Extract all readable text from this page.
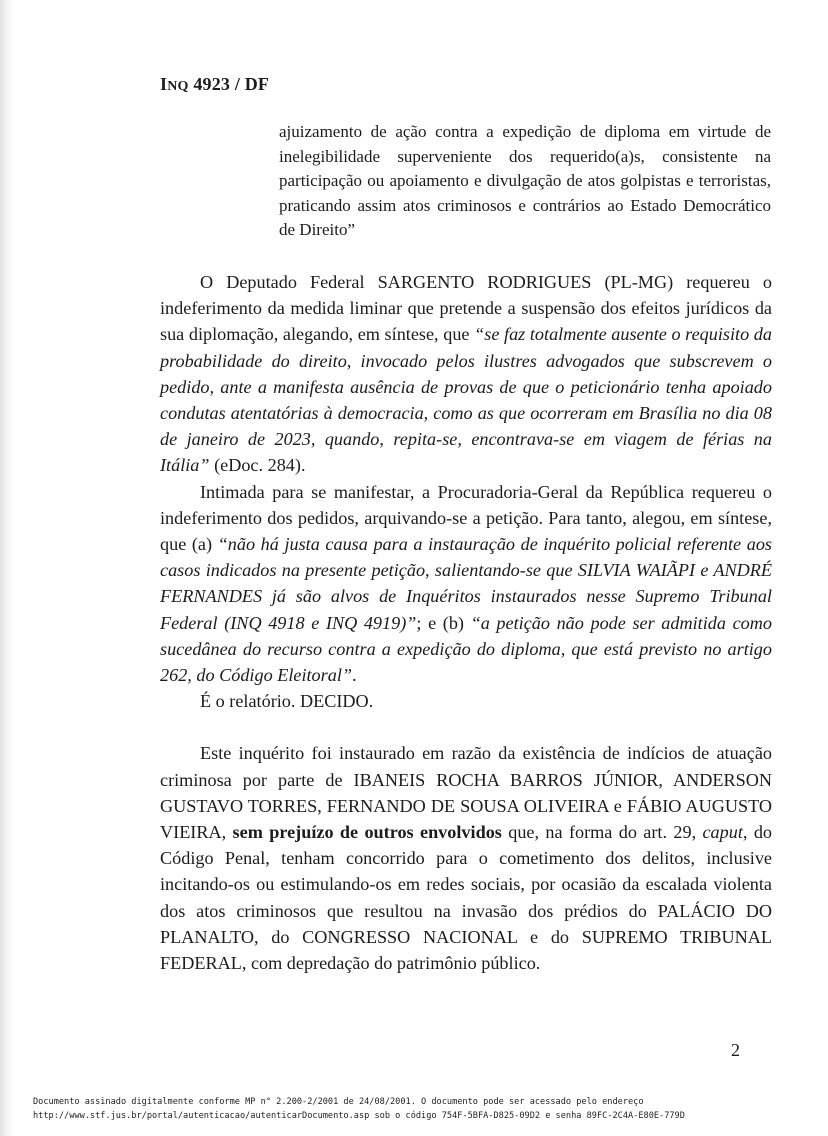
INQ 4923 / DF

ajuizamento de ação contra a expedição de diploma em virtude de inelegibilidade superveniente dos requerido(a)s, consistente na participação ou apoiamento e divulgação de atos golpistas e terroristas, praticando assim atos criminosos e contrários ao Estado Democrático de Direito”

O Deputado Federal SARGENTO RODRIGUES (PL-MG) requereu o indeferimento da medida liminar que pretende a suspensão dos efeitos jurídicos da sua diplomação, alegando, em síntese, que “se faz totalmente ausente o requisito da probabilidade do direito, invocado pelos ilustres advogados que subscrevem o pedido, ante a manifesta ausência de provas de que o peticionário tenha apoiado condutas atentatórias à democracia, como as que ocorreram em Brasília no dia 08 de janeiro de 2023, quando, repita-se, encontrava-se em viagem de férias na Itália” (eDoc. 284).

Intimada para se manifestar, a Procuradoria-Geral da República requereu o indeferimento dos pedidos, arquivando-se a petição. Para tanto, alegou, em síntese, que (a) “não há justa causa para a instauração de inquérito policial referente aos casos indicados na presente petição, salientando-se que SILVIA WAIÃPI e ANDRÉ FERNANDES já são alvos de Inquéritos instaurados nesse Supremo Tribunal Federal (INQ 4918 e INQ 4919)”; e (b) “a petição não pode ser admitida como sucedânea do recurso contra a expedição do diploma, que está previsto no artigo 262, do Código Eleitoral”.

É o relatório. DECIDO.

Este inquérito foi instaurado em razão da existência de indícios de atuação criminosa por parte de IBANEIS ROCHA BARROS JÚNIOR, ANDERSON GUSTAVO TORRES, FERNANDO DE SOUSA OLIVEIRA e FÁBIO AUGUSTO VIEIRA, sem prejuízo de outros envolvidos que, na forma do art. 29, caput, do Código Penal, tenham concorrido para o cometimento dos delitos, inclusive incitando-os ou estimulando-os em redes sociais, por ocasião da escalada violenta dos atos criminosos que resultou na invasão dos prédios do PALÁCIO DO PLANALTO, do CONGRESSO NACIONAL e do SUPREMO TRIBUNAL FEDERAL, com depredação do patrimônio público.

2
Documento assinado digitalmente conforme MP n° 2.200-2/2001 de 24/08/2001. O documento pode ser acessado pelo endereço
http://www.stf.jus.br/portal/autenticacao/autenticarDocumento.asp sob o código 754F-5BFA-D825-09D2 e senha 89FC-2C4A-E80E-779D
